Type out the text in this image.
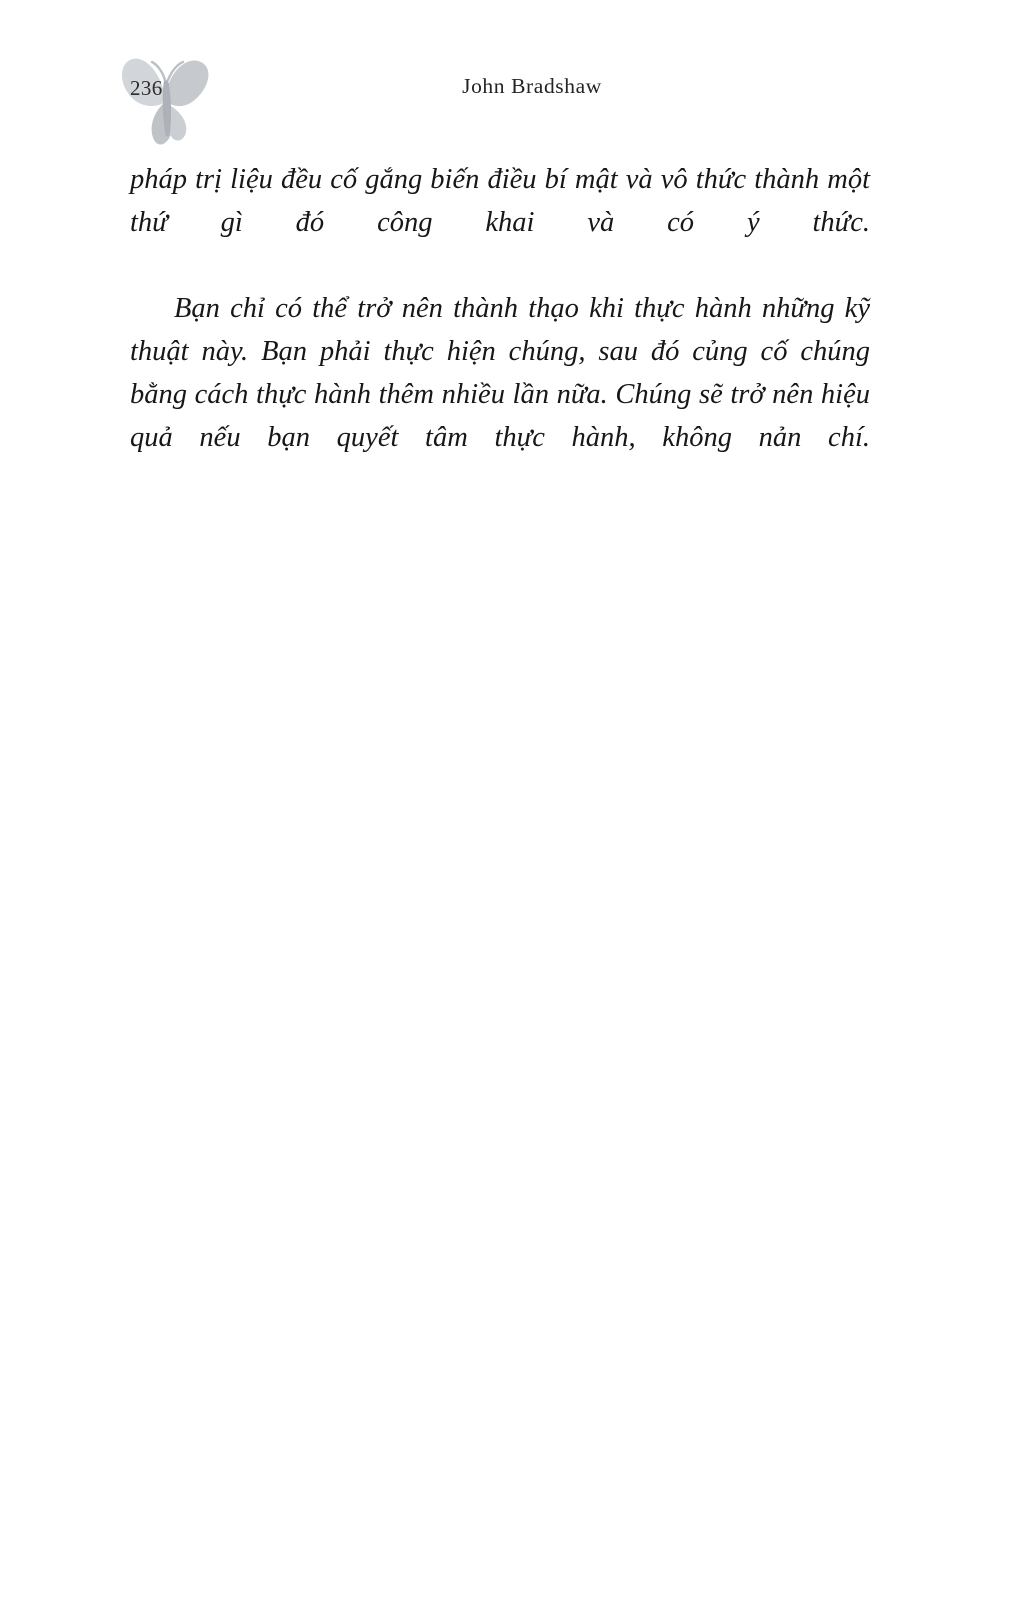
236	John Bradshaw

pháp trị liệu đều cố gắng biến điều bí mật và vô thức thành một thứ gì đó công khai và có ý thức.

Bạn chỉ có thể trở nên thành thạo khi thực hành những kỹ thuật này. Bạn phải thực hiện chúng, sau đó củng cố chúng bằng cách thực hành thêm nhiều lần nữa. Chúng sẽ trở nên hiệu quả nếu bạn quyết tâm thực hành, không nản chí.
